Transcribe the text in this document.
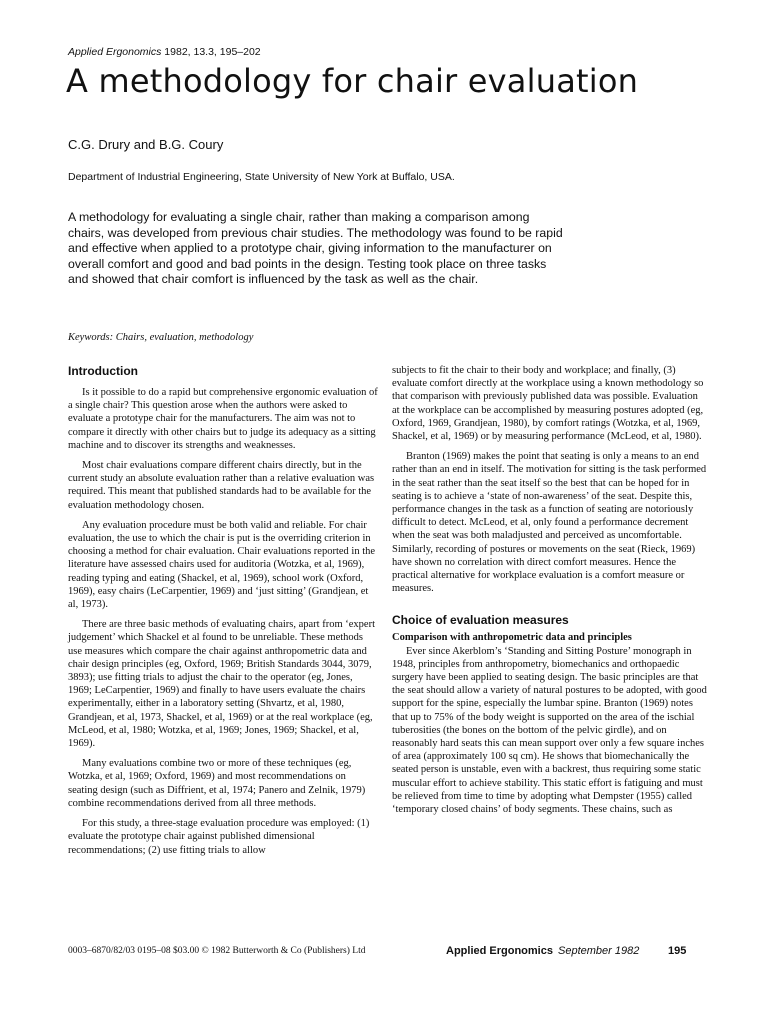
Applied Ergonomics 1982, 13.3, 195–202
A methodology for chair evaluation
C.G. Drury and B.G. Coury
Department of Industrial Engineering, State University of New York at Buffalo, USA.

A methodology for evaluating a single chair, rather than making a comparison among chairs, was developed from previous chair studies. The methodology was found to be rapid and effective when applied to a prototype chair, giving information to the manufacturer on overall comfort and good and bad points in the design. Testing took place on three tasks and showed that chair comfort is influenced by the task as well as the chair.

Keywords: Chairs, evaluation, methodology
Introduction

Is it possible to do a rapid but comprehensive ergonomic evaluation of a single chair? This question arose when the authors were asked to evaluate a prototype chair for the manufacturers. The aim was not to compare it directly with other chairs but to judge its adequacy as a sitting machine and to discover its strengths and weaknesses.

Most chair evaluations compare different chairs directly, but in the current study an absolute evaluation rather than a relative evaluation was required. This meant that published standards had to be available for the evaluation methodology chosen.

Any evaluation procedure must be both valid and reliable. For chair evaluation, the use to which the chair is put is the overriding criterion in choosing a method for chair evaluation. Chair evaluations reported in the literature have assessed chairs used for auditoria (Wotzka, et al, 1969), reading typing and eating (Shackel, et al, 1969), school work (Oxford, 1969), easy chairs (LeCarpentier, 1969) and ‘just sitting’ (Grandjean, et al, 1973).

There are three basic methods of evaluating chairs, apart from ‘expert judgement’ which Shackel et al found to be unreliable. These methods use measures which compare the chair against anthropometric data and chair design principles (eg, Oxford, 1969; British Standards 3044, 3079, 3893); use fitting trials to adjust the chair to the operator (eg, Jones, 1969; LeCarpentier, 1969) and finally to have users evaluate the chairs experimentally, either in a laboratory setting (Shvartz, et al, 1980, Grandjean, et al, 1973, Shackel, et al, 1969) or at the real workplace (eg, McLeod, et al, 1980; Wotzka, et al, 1969; Jones, 1969; Shackel, et al, 1969).

Many evaluations combine two or more of these techniques (eg, Wotzka, et al, 1969; Oxford, 1969) and most recommendations on seating design (such as Diffrient, et al, 1974; Panero and Zelnik, 1979) combine recommendations derived from all three methods.

For this study, a three-stage evaluation procedure was employed: (1) evaluate the prototype chair against published dimensional recommendations; (2) use fitting trials to allow

subjects to fit the chair to their body and workplace; and finally, (3) evaluate comfort directly at the workplace using a known methodology so that comparison with previously published data was possible. Evaluation at the workplace can be accomplished by measuring postures adopted (eg, Oxford, 1969, Grandjean, 1980), by comfort ratings (Wotzka, et al, 1969, Shackel, et al, 1969) or by measuring performance (McLeod, et al, 1980).

Branton (1969) makes the point that seating is only a means to an end rather than an end in itself. The motivation for sitting is the task performed in the seat rather than the seat itself so the best that can be hoped for in seating is to achieve a ‘state of non-awareness’ of the seat. Despite this, performance changes in the task as a function of seating are notoriously difficult to detect. McLeod, et al, only found a performance decrement when the seat was both maladjusted and perceived as uncomfortable. Similarly, recording of postures or movements on the seat (Rieck, 1969) have shown no correlation with direct comfort measures. Hence the practical alternative for workplace evaluation is a comfort measure or measures.

Choice of evaluation measures
Comparison with anthropometric data and principles

Ever since Akerblom’s ‘Standing and Sitting Posture’ monograph in 1948, principles from anthropometry, biomechanics and orthopaedic surgery have been applied to seating design. The basic principles are that the seat should allow a variety of natural postures to be adopted, with good support for the spine, especially the lumbar spine. Branton (1969) notes that up to 75% of the body weight is supported on the area of the ischial tuberosities (the bones on the bottom of the pelvic girdle), and on reasonably hard seats this can mean support over only a few square inches of area (approximately 100 sq cm). He shows that biomechanically the seated person is unstable, even with a backrest, thus requiring some static muscular effort to achieve stability. This static effort is fatiguing and must be relieved from time to time by adopting what Dempster (1955) called ‘temporary closed chains’ of body segments. These chains, such as

0003–6870/82/03 0195–08 $03.00 © 1982 Butterworth & Co (Publishers) Ltd	Applied Ergonomics September 1982	195
